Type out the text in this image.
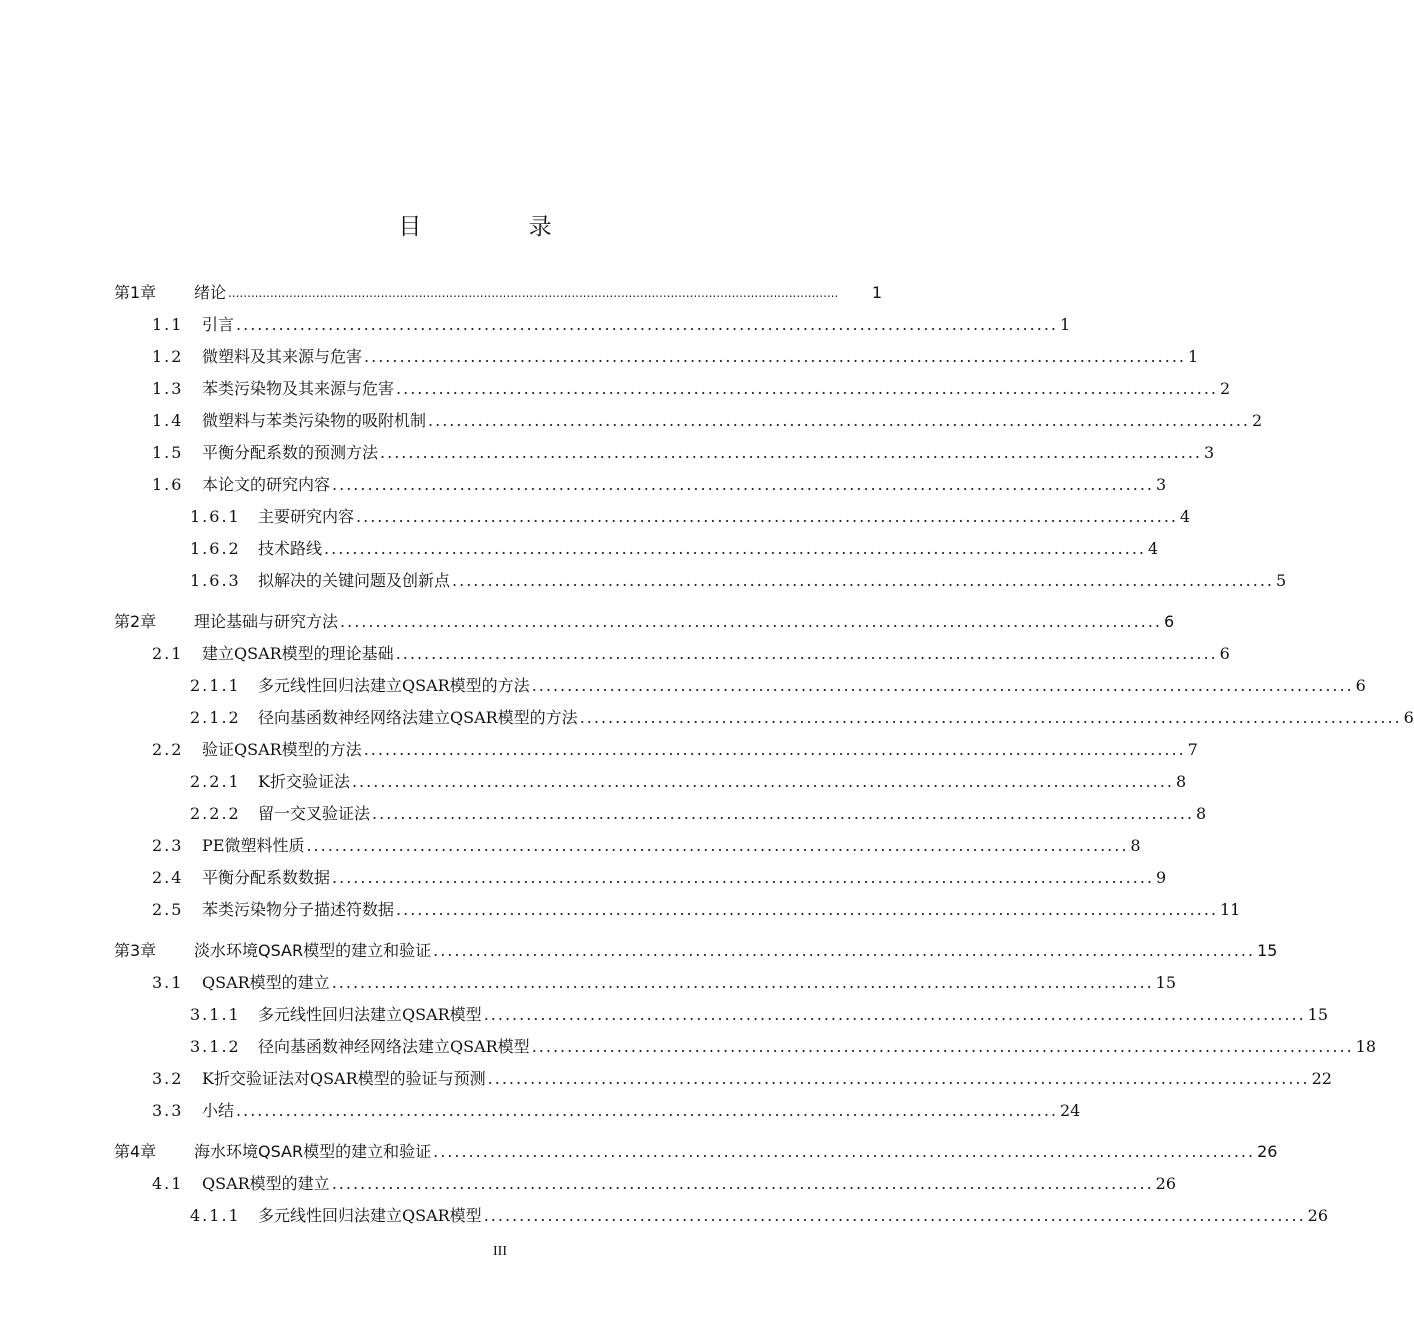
目 录
第1章	绪论 ................................................................................................................................................................	1
1.1	引言 .................................................................................................................... 1
1.2	微塑料及其来源与危害 .................................................................................................................... 1
1.3	苯类污染物及其来源与危害 .................................................................................................................... 2
1.4	微塑料与苯类污染物的吸附机制 .................................................................................................................... 2
1.5	平衡分配系数的预测方法 .................................................................................................................... 3
1.6	本论文的研究内容 .................................................................................................................... 3
1.6.1	主要研究内容 .................................................................................................................... 4
1.6.2	技术路线 .................................................................................................................... 4
1.6.3	拟解决的关键问题及创新点 .................................................................................................................... 5
第2章	理论基础与研究方法 .................................................................................................................... 6
2.1	建立QSAR模型的理论基础 .................................................................................................................... 6
2.1.1	多元线性回归法建立QSAR模型的方法 .................................................................................................................... 6
2.1.2	径向基函数神经网络法建立QSAR模型的方法 .................................................................................................................... 6
2.2	验证QSAR模型的方法 .................................................................................................................... 7
2.2.1	K折交验证法 .................................................................................................................... 8
2.2.2	留一交叉验证法 .................................................................................................................... 8
2.3	PE微塑料性质 .................................................................................................................... 8
2.4	平衡分配系数数据 .................................................................................................................... 9
2.5	苯类污染物分子描述符数据 .................................................................................................................... 11
第3章	淡水环境QSAR模型的建立和验证 .................................................................................................................... 15
3.1	QSAR模型的建立 .................................................................................................................... 15
3.1.1	多元线性回归法建立QSAR模型 .................................................................................................................... 15
3.1.2	径向基函数神经网络法建立QSAR模型 .................................................................................................................... 18
3.2	K折交验证法对QSAR模型的验证与预测 .................................................................................................................... 22
3.3	小结 .................................................................................................................... 24
第4章	海水环境QSAR模型的建立和验证 .................................................................................................................... 26
4.1	QSAR模型的建立 .................................................................................................................... 26
4.1.1	多元线性回归法建立QSAR模型 .................................................................................................................... 26
III
